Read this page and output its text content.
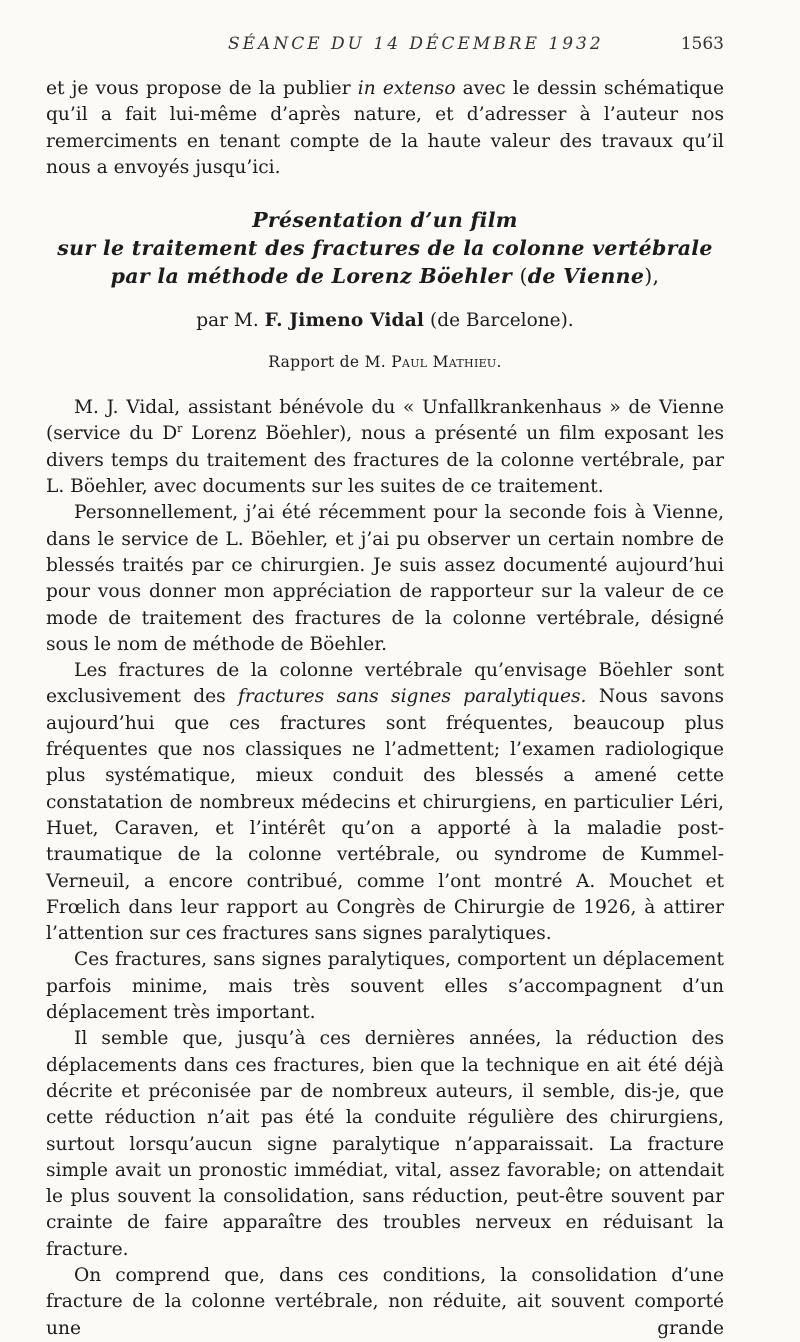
SÉANCE DU 14 DÉCEMBRE 1932	1563

et je vous propose de la publier in extenso avec le dessin schématique qu’il a fait lui-même d’après nature, et d’adresser à l’auteur nos remerciments en tenant compte de la haute valeur des travaux qu’il nous a envoyés jusqu’ici.

Présentation d’un film
sur le traitement des fractures de la colonne vertébrale
par la méthode de Lorenz Böehler (de Vienne),
par M. F. Jimeno Vidal (de Barcelone).
Rapport de M. Paul Mathieu.

M. J. Vidal, assistant bénévole du « Unfallkrankenhaus » de Vienne (service du $D^r$ Lorenz Böehler), nous a présenté un film exposant les divers temps du traitement des fractures de la colonne vertébrale, par L. Böehler, avec documents sur les suites de ce traitement.

Personnellement, j’ai été récemment pour la seconde fois à Vienne, dans le service de L. Böehler, et j’ai pu observer un certain nombre de blessés traités par ce chirurgien. Je suis assez documenté aujourd’hui pour vous donner mon appréciation de rapporteur sur la valeur de ce mode de traitement des fractures de la colonne vertébrale, désigné sous le nom de méthode de Böehler.

Les fractures de la colonne vertébrale qu’envisage Böehler sont exclusivement des fractures sans signes paralytiques. Nous savons aujourd’hui que ces fractures sont fréquentes, beaucoup plus fréquentes que nos classiques ne l’admettent; l’examen radiologique plus systématique, mieux conduit des blessés a amené cette constatation de nombreux médecins et chirurgiens, en particulier Léri, Huet, Caraven, et l’intérêt qu’on a apporté à la maladie post-traumatique de la colonne vertébrale, ou syndrome de Kummel-Verneuil, a encore contribué, comme l’ont montré A. Mouchet et Frœlich dans leur rapport au Congrès de Chirurgie de 1926, à attirer l’attention sur ces fractures sans signes paralytiques.

Ces fractures, sans signes paralytiques, comportent un déplacement parfois minime, mais très souvent elles s’accompagnent d’un déplacement très important.

Il semble que, jusqu’à ces dernières années, la réduction des déplacements dans ces fractures, bien que la technique en ait été déjà décrite et préconisée par de nombreux auteurs, il semble, dis-je, que cette réduction n’ait pas été la conduite régulière des chirurgiens, surtout lorsqu’aucun signe paralytique n’apparaissait. La fracture simple avait un pronostic immédiat, vital, assez favorable; on attendait le plus souvent la consolidation, sans réduction, peut-être souvent par crainte de faire apparaître des troubles nerveux en réduisant la fracture.

On comprend que, dans ces conditions, la consolidation d’une fracture de la colonne vertébrale, non réduite, ait souvent comporté une grande
